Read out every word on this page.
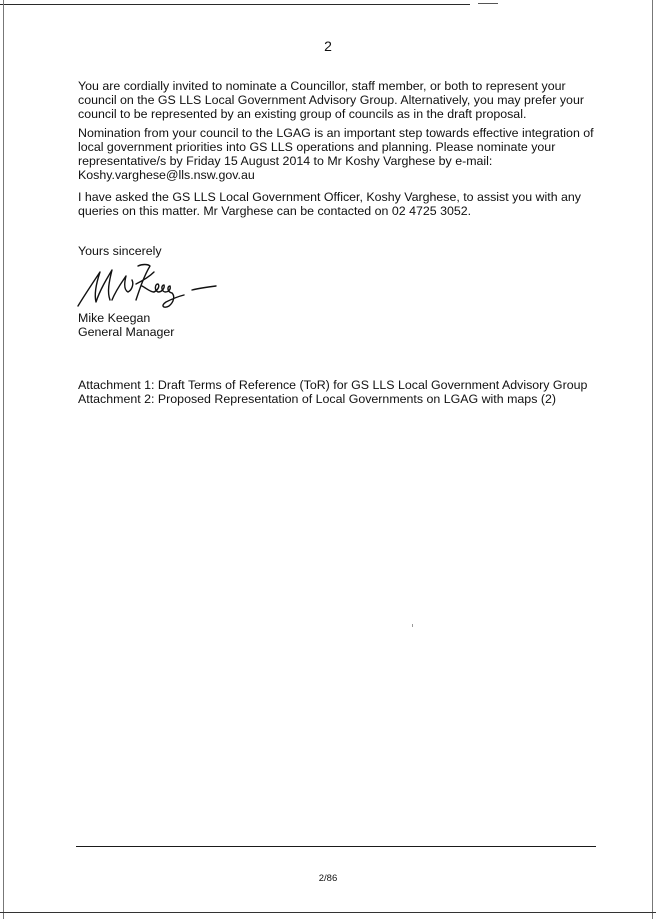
2
You are cordially invited to nominate a Councillor, staff member, or both to represent your
council on the GS LLS Local Government Advisory Group. Alternatively, you may prefer your
council to be represented by an existing group of councils as in the draft proposal.
Nomination from your council to the LGAG is an important step towards effective integration of
local government priorities into GS LLS operations and planning. Please nominate your
representative/s by Friday 15 August 2014 to Mr Koshy Varghese by e-mail:
Koshy.varghese@lls.nsw.gov.au
I have asked the GS LLS Local Government Officer, Koshy Varghese, to assist you with any
queries on this matter. Mr Varghese can be contacted on 02 4725 3052.
Yours sincerely
Mike Keegan
General Manager
Attachment 1: Draft Terms of Reference (ToR) for GS LLS Local Government Advisory Group
Attachment 2: Proposed Representation of Local Governments on LGAG with maps (2)
2/86
